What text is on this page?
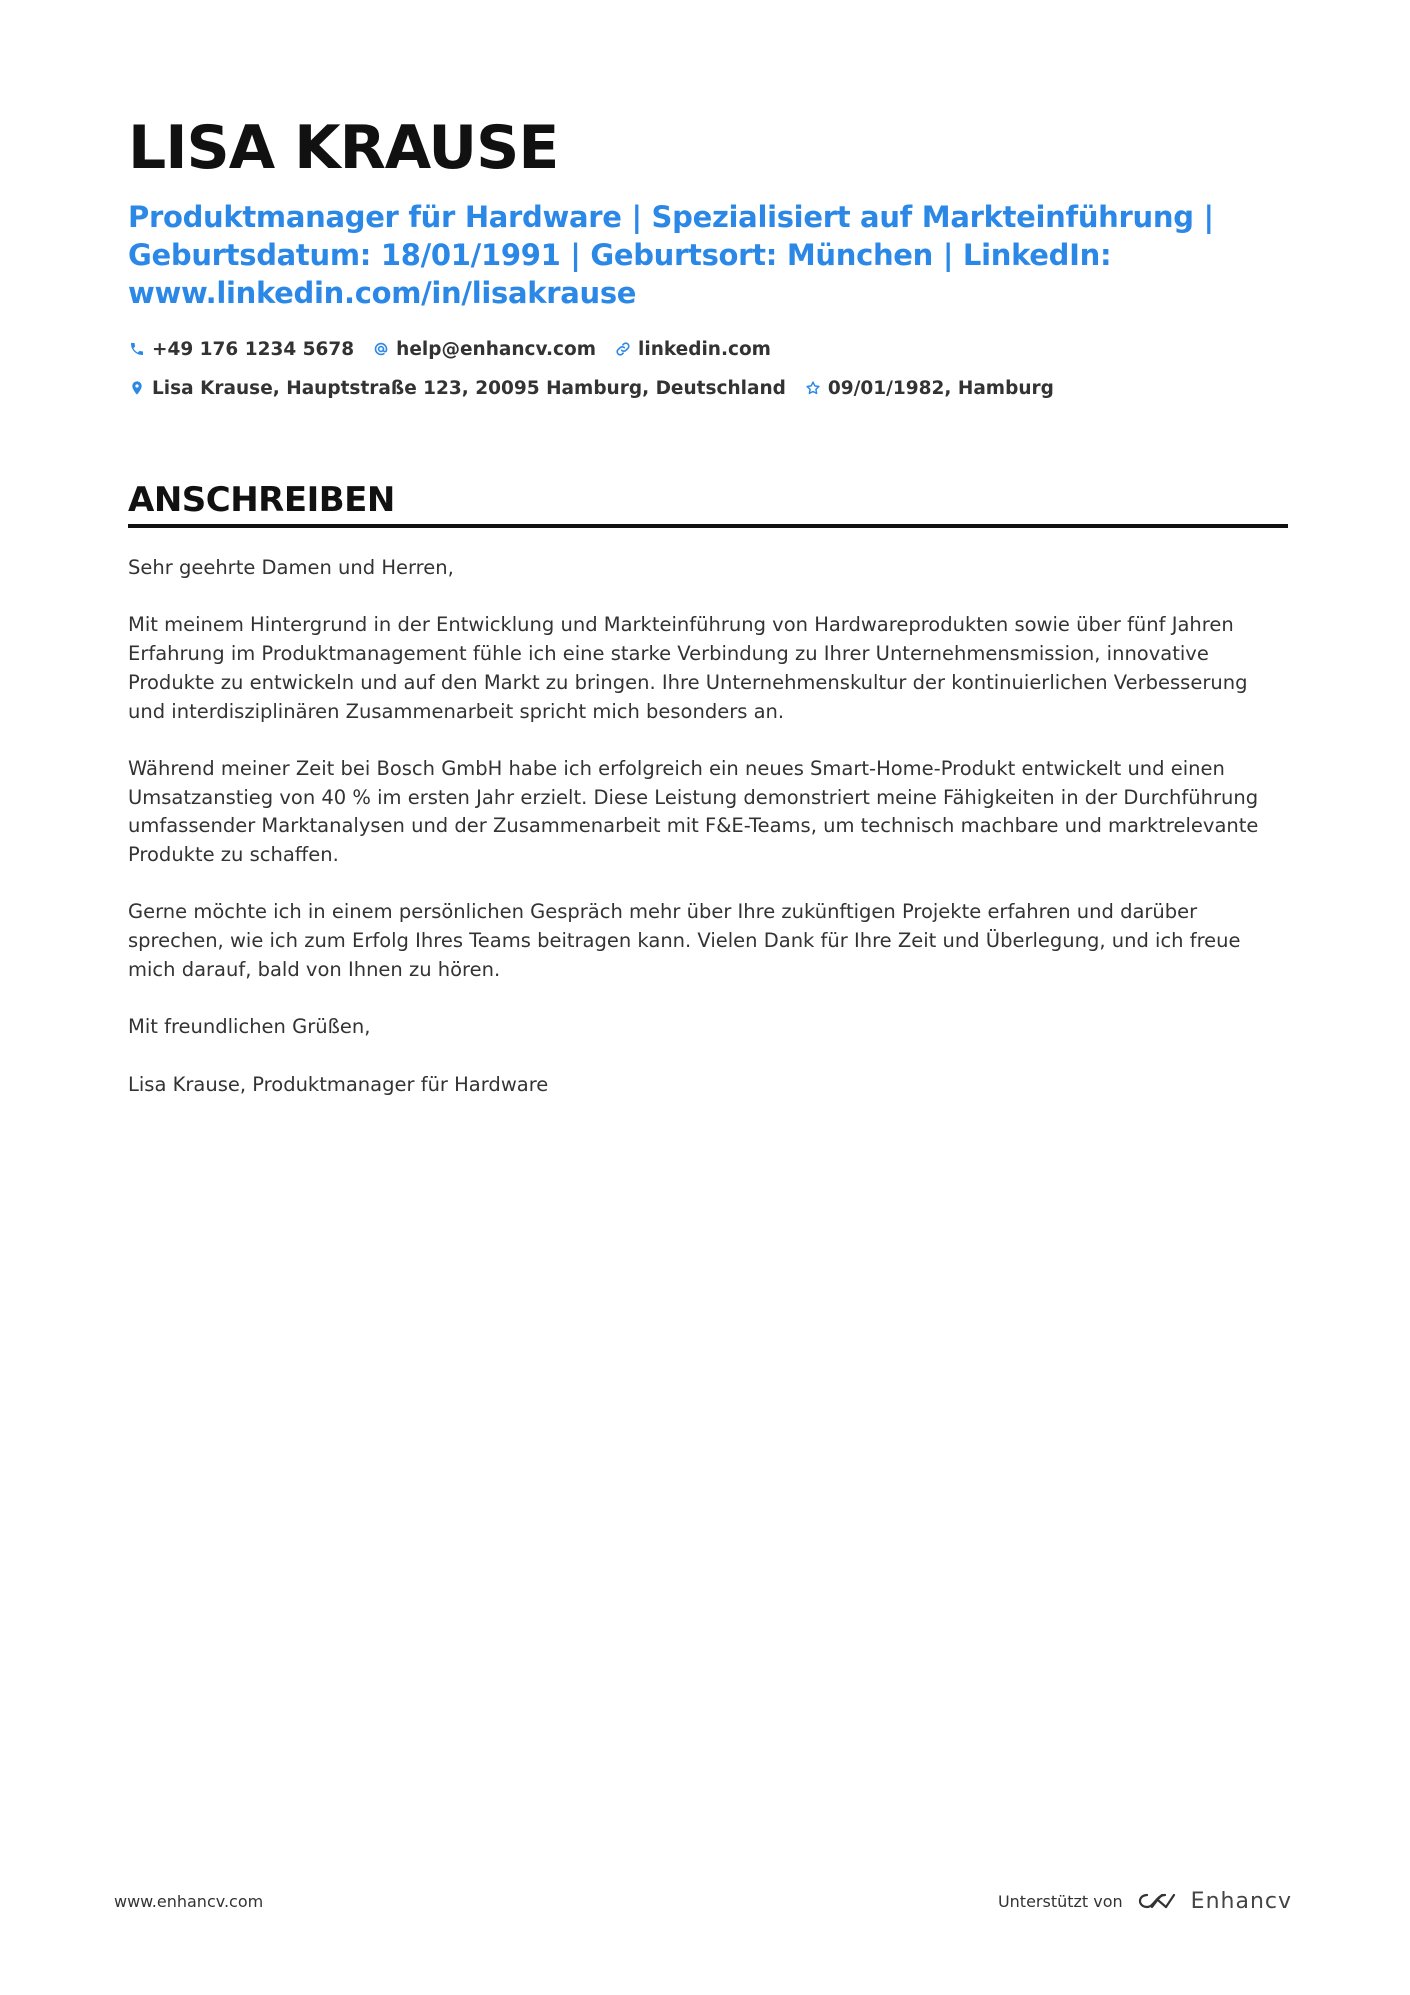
LISA KRAUSE
Produktmanager für Hardware | Spezialisiert auf Markteinführung |
Geburtsdatum: 18/01/1991 | Geburtsort: München | LinkedIn:
www.linkedin.com/in/lisakrause
+49 176 1234 5678 help@enhancv.com linkedin.com
Lisa Krause, Hauptstraße 123, 20095 Hamburg, Deutschland 09/01/1982, Hamburg
ANSCHREIBEN

Sehr geehrte Damen und Herren,

Mit meinem Hintergrund in der Entwicklung und Markteinführung von Hardwareprodukten sowie über fünf Jahren Erfahrung im Produktmanagement fühle ich eine starke Verbindung zu Ihrer Unternehmensmission, innovative Produkte zu entwickeln und auf den Markt zu bringen. Ihre Unternehmenskultur der kontinuierlichen Verbesserung und interdisziplinären Zusammenarbeit spricht mich besonders an.

Während meiner Zeit bei Bosch GmbH habe ich erfolgreich ein neues Smart-Home-Produkt entwickelt und einen Umsatzanstieg von 40 % im ersten Jahr erzielt. Diese Leistung demonstriert meine Fähigkeiten in der Durchführung umfassender Marktanalysen und der Zusammenarbeit mit F&E-Teams, um technisch machbare und marktrelevante Produkte zu schaffen.

Gerne möchte ich in einem persönlichen Gespräch mehr über Ihre zukünftigen Projekte erfahren und darüber sprechen, wie ich zum Erfolg Ihres Teams beitragen kann. Vielen Dank für Ihre Zeit und Überlegung, und ich freue mich darauf, bald von Ihnen zu hören.

Mit freundlichen Grüßen,

Lisa Krause, Produktmanager für Hardware

www.enhancv.com	Unterstützt von	Enhancv
